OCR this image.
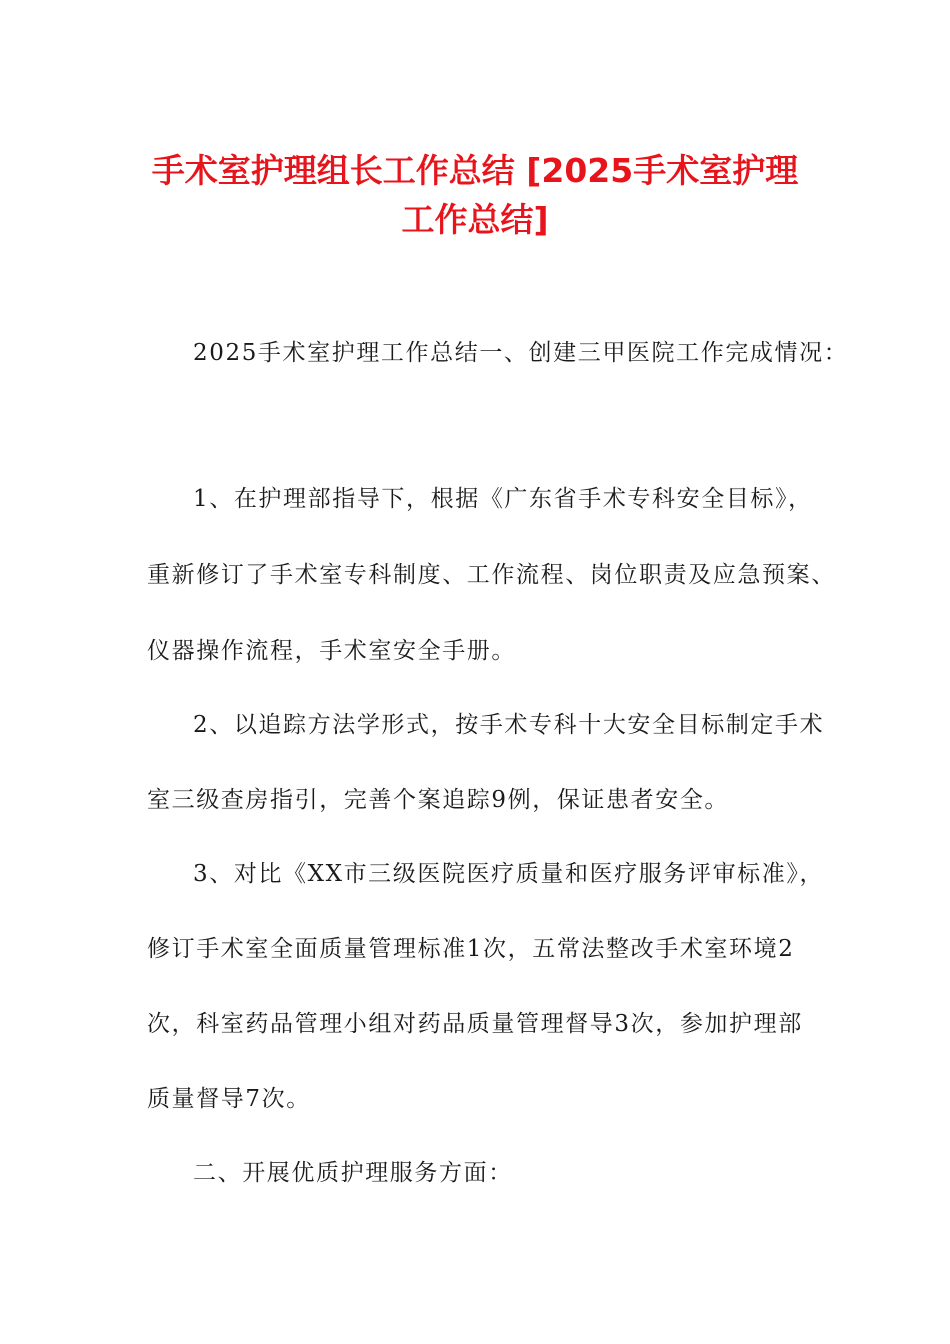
手术室护理组长工作总结 [2025手术室护理
工作总结]

2025手术室护理工作总结一、创建三甲医院工作完成情况：

1、在护理部指导下，根据《广东省手术专科安全目标》，

重新修订了手术室专科制度、工作流程、岗位职责及应急预案、

仪器操作流程，手术室安全手册。

2、以追踪方法学形式，按手术专科十大安全目标制定手术

室三级查房指引，完善个案追踪9例，保证患者安全。

3、对比《XX市三级医院医疗质量和医疗服务评审标准》，

修订手术室全面质量管理标准1次，五常法整改手术室环境2

次，科室药品管理小组对药品质量管理督导3次，参加护理部

质量督导7次。

二、开展优质护理服务方面：
